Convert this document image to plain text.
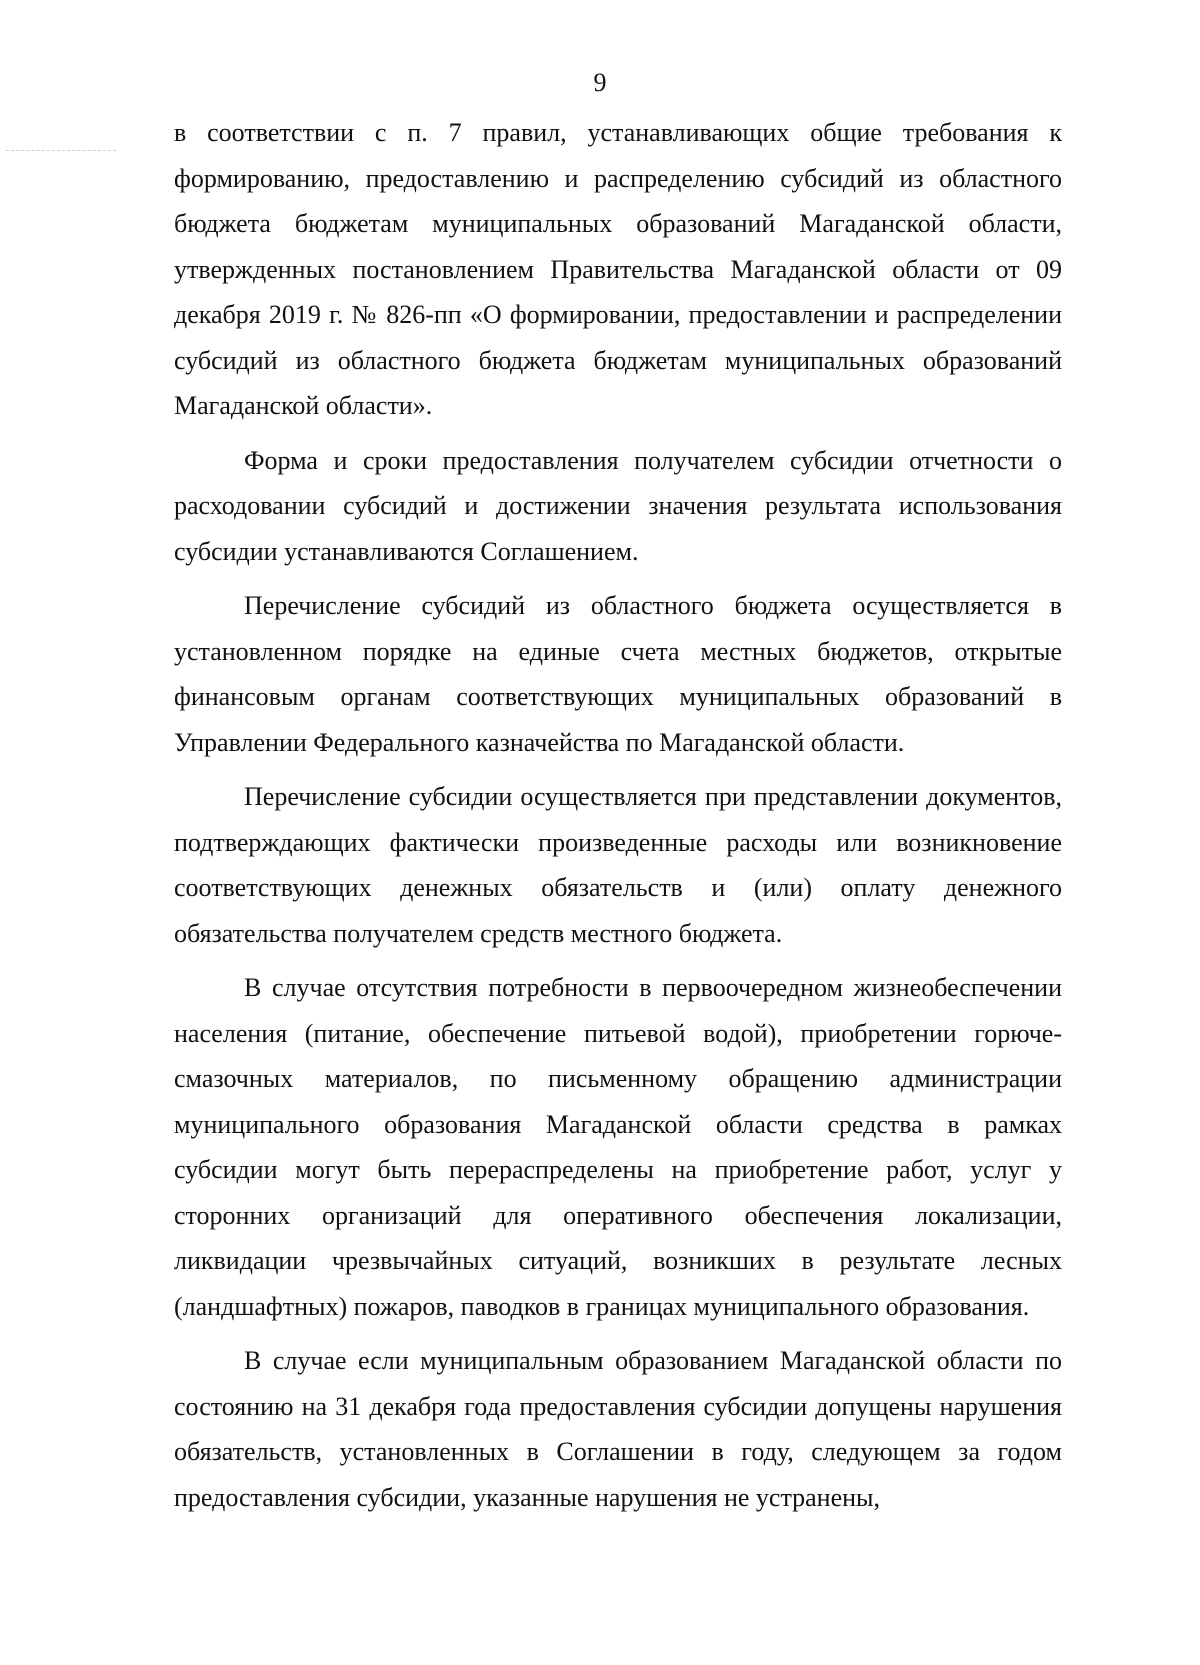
9

в соответствии с п. 7 правил, устанавливающих общие требования к формированию, предоставлению и распределению субсидий из областного бюджета бюджетам муниципальных образований Магаданской области, утвержденных постановлением Правительства Магаданской области от 09 декабря 2019 г. № 826-пп «О формировании, предоставлении и распределении субсидий из областного бюджета бюджетам муниципальных образований Магаданской области».

Форма и сроки предоставления получателем субсидии отчетности о расходовании субсидий и достижении значения результата использования субсидии устанавливаются Соглашением.

Перечисление субсидий из областного бюджета осуществляется в установленном порядке на единые счета местных бюджетов, открытые финансовым органам соответствующих муниципальных образований в Управлении Федерального казначейства по Магаданской области.

Перечисление субсидии осуществляется при представлении документов, подтверждающих фактически произведенные расходы или возникновение соответствующих денежных обязательств и (или) оплату денежного обязательства получателем средств местного бюджета.

В случае отсутствия потребности в первоочередном жизнеобеспечении населения (питание, обеспечение питьевой водой), приобретении горюче-смазочных материалов, по письменному обращению администрации муниципального образования Магаданской области средства в рамках субсидии могут быть перераспределены на приобретение работ, услуг у сторонних организаций для оперативного обеспечения локализации, ликвидации чрезвычайных ситуаций, возникших в результате лесных (ландшафтных) пожаров, паводков в границах муниципального образования.

В случае если муниципальным образованием Магаданской области по состоянию на 31 декабря года предоставления субсидии допущены нарушения обязательств, установленных в Соглашении в году, следующем за годом предоставления субсидии, указанные нарушения не устранены,
